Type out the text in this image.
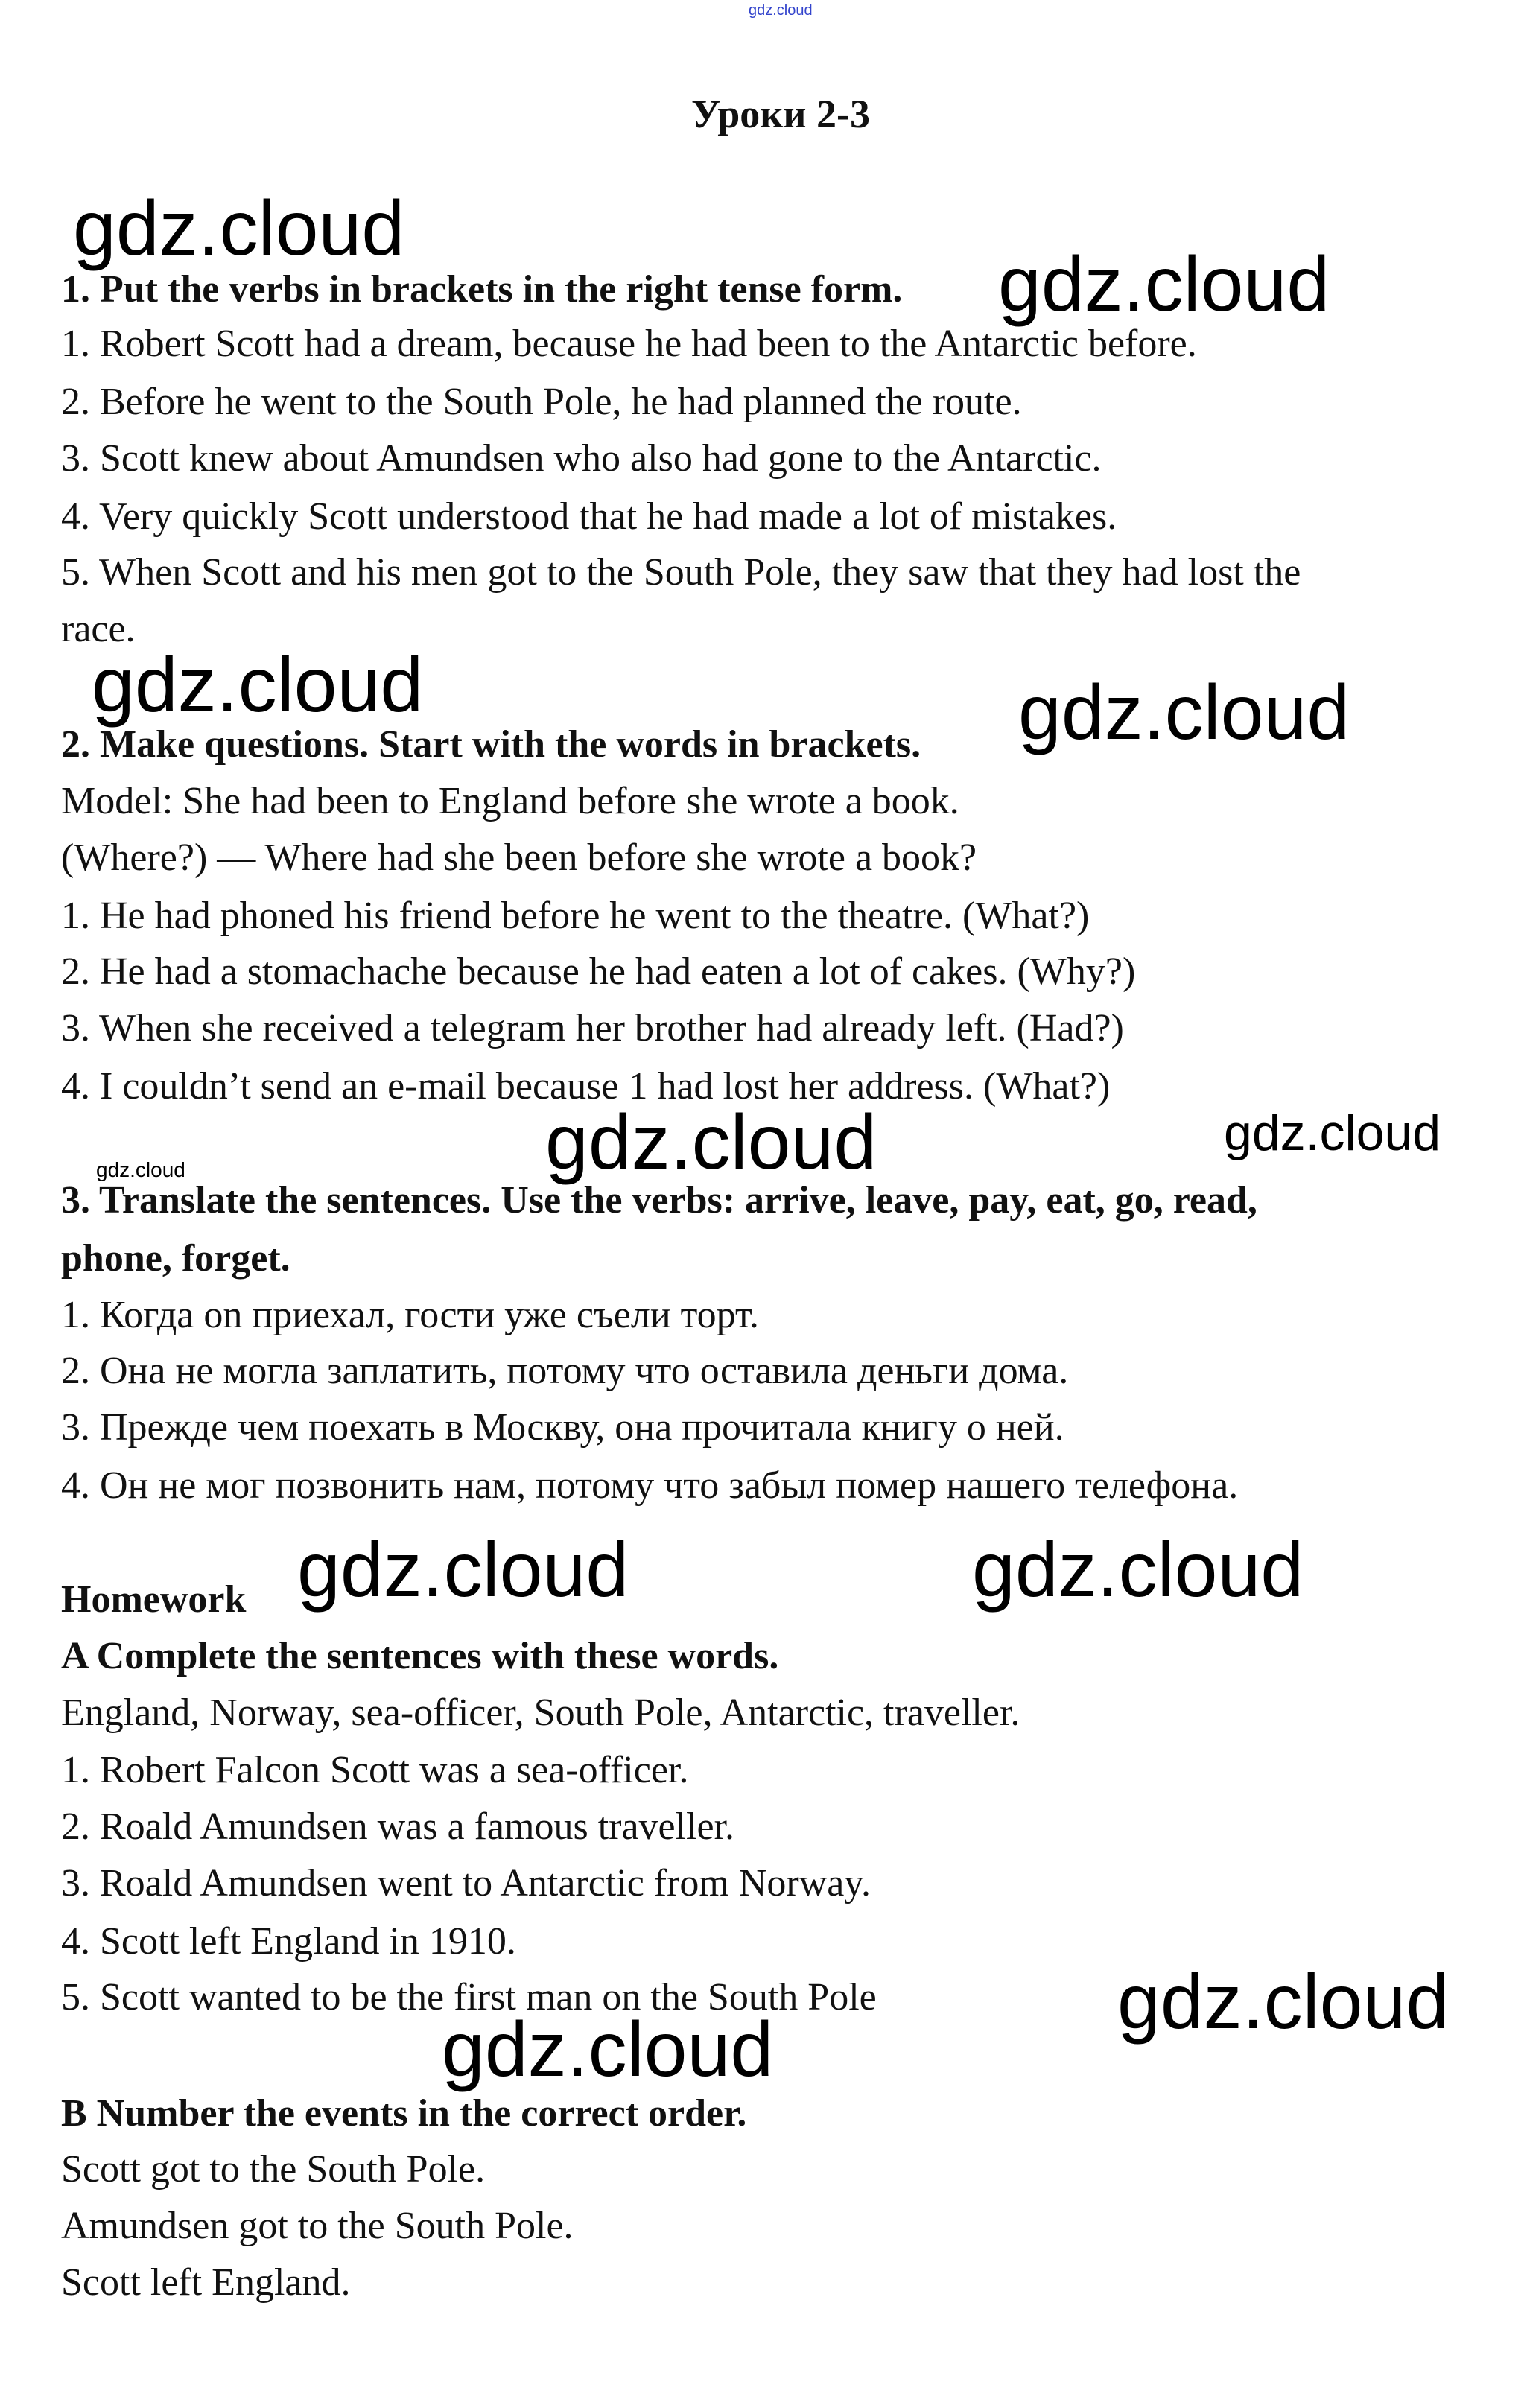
gdz.cloud
Уроки 2-3
1. Put the verbs in brackets in the right tense form.
1. Robert Scott had a dream, because he had been to the Antarctic before.
2. Before he went to the South Pole, he had planned the route.
3. Scott knew about Amundsen who also had gone to the Antarctic.
4. Very quickly Scott understood that he had made a lot of mistakes.
5. When Scott and his men got to the South Pole, they saw that they had lost the
race.
2. Make questions. Start with the words in brackets.
Model: She had been to England before she wrote a book.
(Where?) — Where had she been before she wrote a book?
1. He had phoned his friend before he went to the theatre. (What?)
2. He had a stomachache because he had eaten a lot of cakes. (Why?)
3. When she received a telegram her brother had already left. (Had?)
4. I couldn’t send an e-mail because 1 had lost her address. (What?)
3. Translate the sentences. Use the verbs: arrive, leave, pay, eat, go, read,
phone, forget.
1. Когда on приехал, гости уже съели торт.
2. Она не могла заплатить, потому что оставила деньги дома.
3. Прежде чем поехать в Москву, она прочитала книгу о ней.
4. Он не мог позвонить нам, потому что забыл помер нашего телефона.
Homework
A Complete the sentences with these words.
England, Norway, sea-officer, South Pole, Antarctic, traveller.
1. Robert Falcon Scott was a sea-officer.
2. Roald Amundsen was a famous traveller.
3. Roald Amundsen went to Antarctic from Norway.
4. Scott left England in 1910.
5. Scott wanted to be the first man on the South Pole
B Number the events in the correct order.
Scott got to the South Pole.
Amundsen got to the South Pole.
Scott left England.
gdz.cloud
gdz.cloud
gdz.cloud	gdz.cloud
gdz.cloud	gdz.cloud
gdz.cloud
gdz.cloud	gdz.cloud
gdz.cloud
gdz.cloud
